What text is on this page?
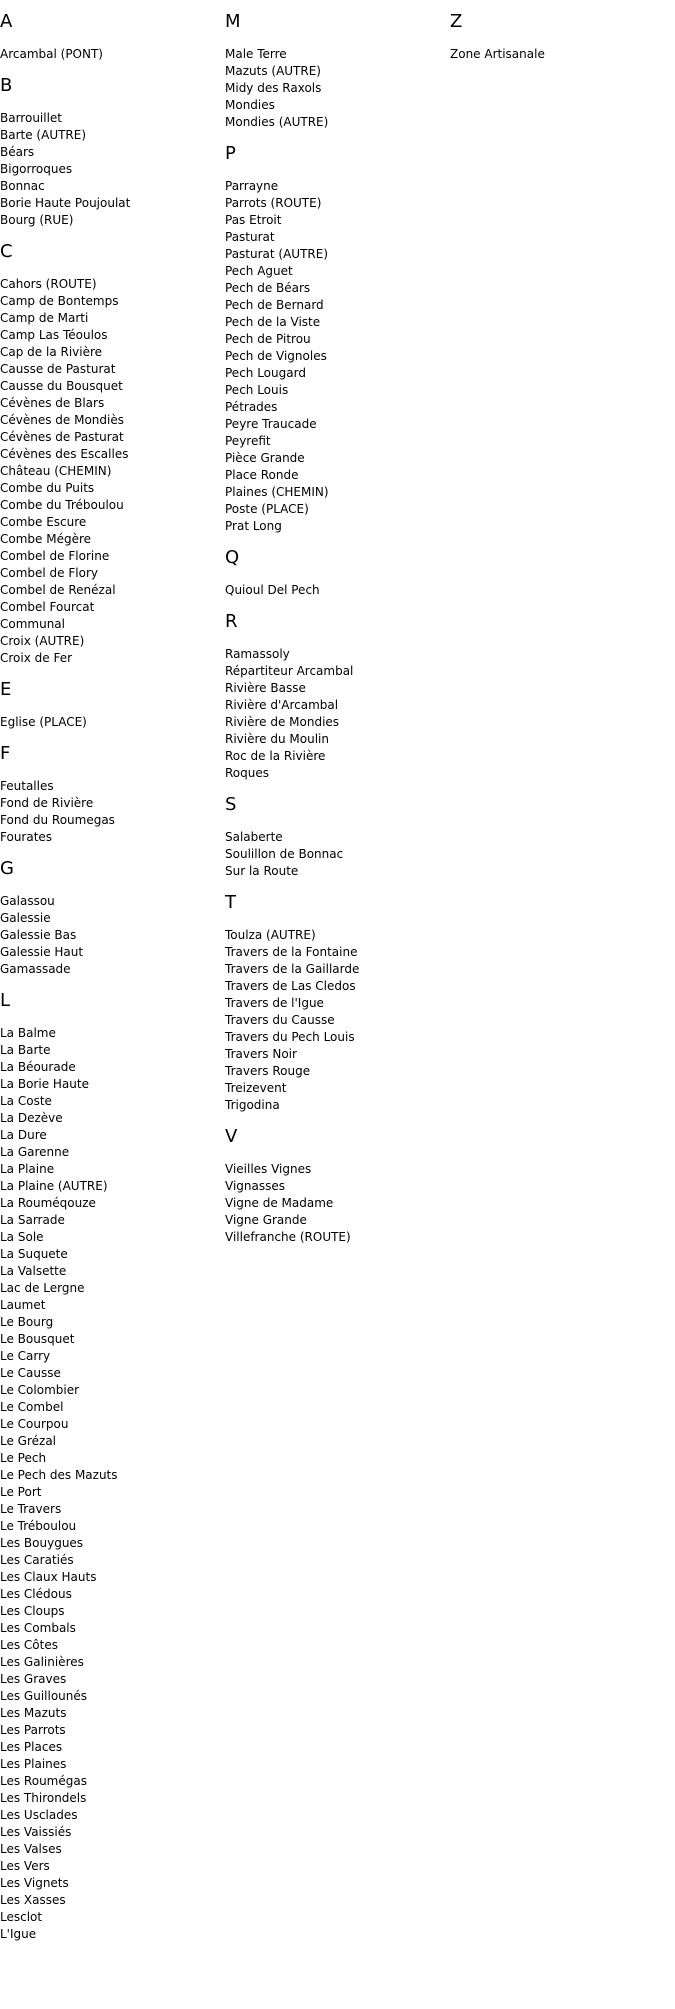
A
Arcambal (PONT)
B
Barrouillet
Barte (AUTRE)
Béars
Bigorroques
Bonnac
Borie Haute Poujoulat
Bourg (RUE)
C
Cahors (ROUTE)
Camp de Bontemps
Camp de Marti
Camp Las Téoulos
Cap de la Rivière
Causse de Pasturat
Causse du Bousquet
Cévènes de Blars
Cévènes de Mondiès
Cévènes de Pasturat
Cévènes des Escalles
Château (CHEMIN)
Combe du Puits
Combe du Tréboulou
Combe Escure
Combe Mégère
Combel de Florine
Combel de Flory
Combel de Renézal
Combel Fourcat
Communal
Croix (AUTRE)
Croix de Fer
E
Eglise (PLACE)
F
Feutalles
Fond de Rivière
Fond du Roumegas
Fourates
G
Galassou
Galessie
Galessie Bas
Galessie Haut
Gamassade
L
La Balme
La Barte
La Béourade
La Borie Haute
La Coste
La Dezève
La Dure
La Garenne
La Plaine
La Plaine (AUTRE)
La Rouméqouze
La Sarrade
La Sole
La Suquete
La Valsette
Lac de Lergne
Laumet
Le Bourg
Le Bousquet
Le Carry
Le Causse
Le Colombier
Le Combel
Le Courpou
Le Grézal
Le Pech
Le Pech des Mazuts
Le Port
Le Travers
Le Tréboulou
Les Bouygues
Les Caratiés
Les Claux Hauts
Les Clédous
Les Cloups
Les Combals
Les Côtes
Les Galinières
Les Graves
Les Guillounés
Les Mazuts
Les Parrots
Les Places
Les Plaines
Les Roumégas
Les Thirondels
Les Usclades
Les Vaissiés
Les Valses
Les Vers
Les Vignets
Les Xasses
Lesclot
L'Igue
M
Male Terre
Mazuts (AUTRE)
Midy des Raxols
Mondies
Mondies (AUTRE)
P
Parrayne
Parrots (ROUTE)
Pas Etroit
Pasturat
Pasturat (AUTRE)
Pech Aguet
Pech de Béars
Pech de Bernard
Pech de la Viste
Pech de Pitrou
Pech de Vignoles
Pech Lougard
Pech Louis
Pétrades
Peyre Traucade
Peyrefit
Pièce Grande
Place Ronde
Plaines (CHEMIN)
Poste (PLACE)
Prat Long
Q
Quioul Del Pech
R
Ramassoly
Répartiteur Arcambal
Rivière Basse
Rivière d'Arcambal
Rivière de Mondies
Rivière du Moulin
Roc de la Rivière
Roques
S
Salaberte
Soulillon de Bonnac
Sur la Route
T
Toulza (AUTRE)
Travers de la Fontaine
Travers de la Gaillarde
Travers de Las Cledos
Travers de l'Igue
Travers du Causse
Travers du Pech Louis
Travers Noir
Travers Rouge
Treizevent
Trigodina
V
Vieilles Vignes
Vignasses
Vigne de Madame
Vigne Grande
Villefranche (ROUTE)
Z
Zone Artisanale
